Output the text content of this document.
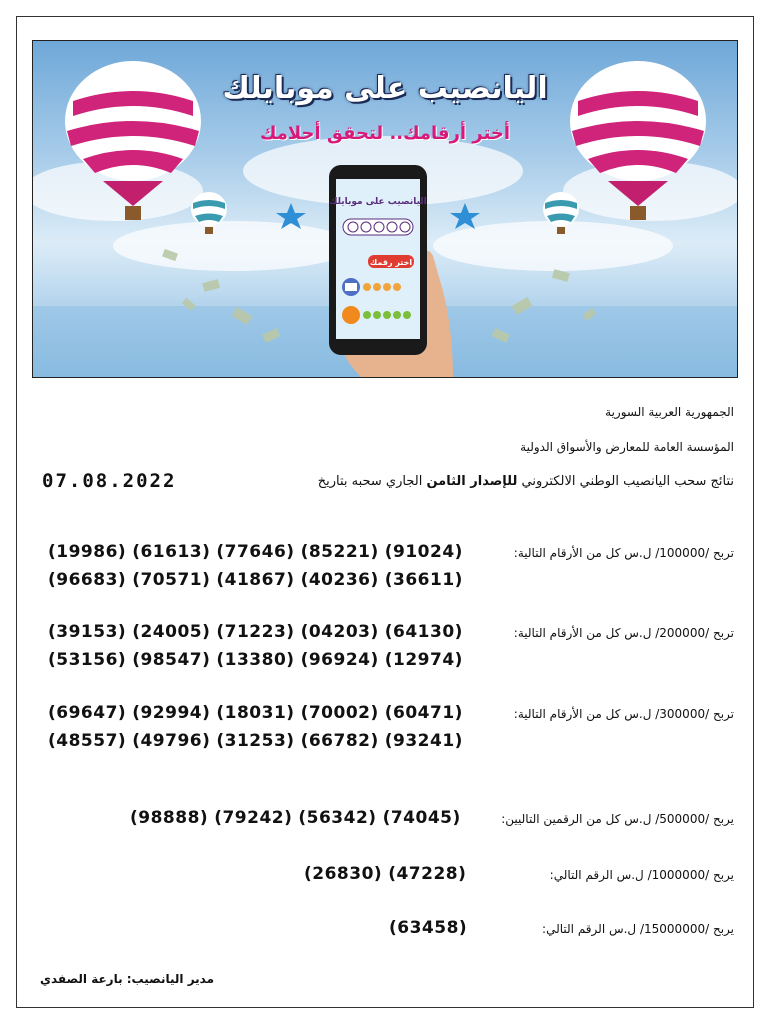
اليانصيب على موبايلك
اختر رقمك
اليانصيب على موبايلك
أختر أرقامك.. لتحقق أحلامك
الجمهورية العربية السورية
المؤسسة العامة للمعارض والأسواق الدولية
نتائج سحب اليانصيب الوطني الالكتروني للإصدار الثامن الجاري سحبه بتاريخ
07.08.2022
تربح /100000/ ل.س كل من الأرقام التالية:
(19986) (61613) (77646) (85221) (91024)
(96683) (70571) (41867) (40236) (36611)
تربح /200000/ ل.س كل من الأرقام التالية:
(39153) (24005) (71223) (04203) (64130)
(53156) (98547) (13380) (96924) (12974)
تربح /300000/ ل.س كل من الأرقام التالية:
(69647) (92994) (18031) (70002) (60471)
(48557) (49796) (31253) (66782) (93241)
يربح /500000/ ل.س كل من الرقمين التاليين:
(98888) (79242) (56342) (74045)
يربح /1000000/ ل.س الرقم التالي:
(26830) (47228)
يربح /15000000/ ل.س الرقم التالي:
(63458)
مدير اليانصيب: بارعة الصفدي
